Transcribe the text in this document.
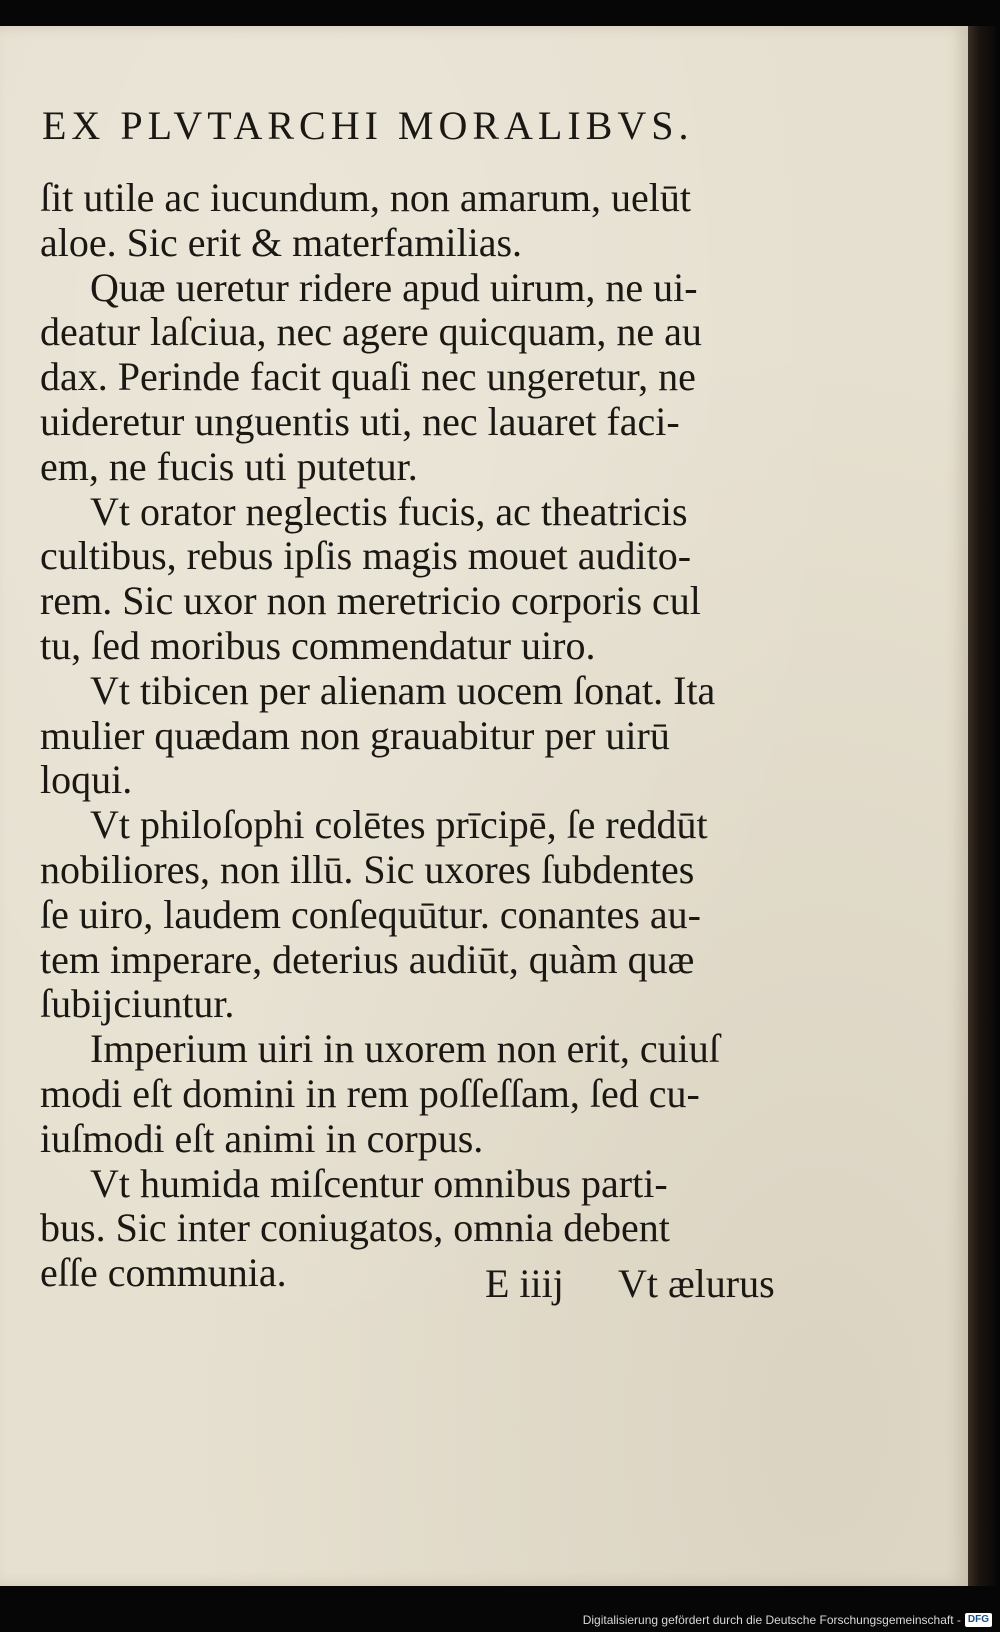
EX PLVTARCHI MORALIBVS.
ſit utile ac iucundum, non amarum, uelūt
aloe. Sic erit & materfamilias.
Quæ ueretur ridere apud uirum, ne ui-
deatur laſciua, nec agere quicquam, ne au
dax. Perinde facit quaſi nec ungeretur, ne
uideretur unguentis uti, nec lauaret faci-
em, ne fucis uti putetur.
Vt orator neglectis fucis, ac theatricis
cultibus, rebus ipſis magis mouet audito-
rem. Sic uxor non meretricio corporis cul
tu, ſed moribus commendatur uiro.
Vt tibicen per alienam uocem ſonat. Ita
mulier quædam non grauabitur per uirū
loqui.
Vt philoſophi colētes prīcipē, ſe reddūt
nobiliores, non illū. Sic uxores ſubdentes
ſe uiro, laudem conſequūtur. conantes au-
tem imperare, deterius audiūt, quàm quæ
ſubijciuntur.
Imperium uiri in uxorem non erit, cuiuſ
modi eſt domini in rem poſſeſſam, ſed cu-
iuſmodi eſt animi in corpus.
Vt humida miſcentur omnibus parti-
bus. Sic inter coniugatos, omnia debent
eſſe communia.	E iiij Vt ælurus
Digitalisierung gefördert durch die Deutsche Forschungsgemeinschaft - DFG
